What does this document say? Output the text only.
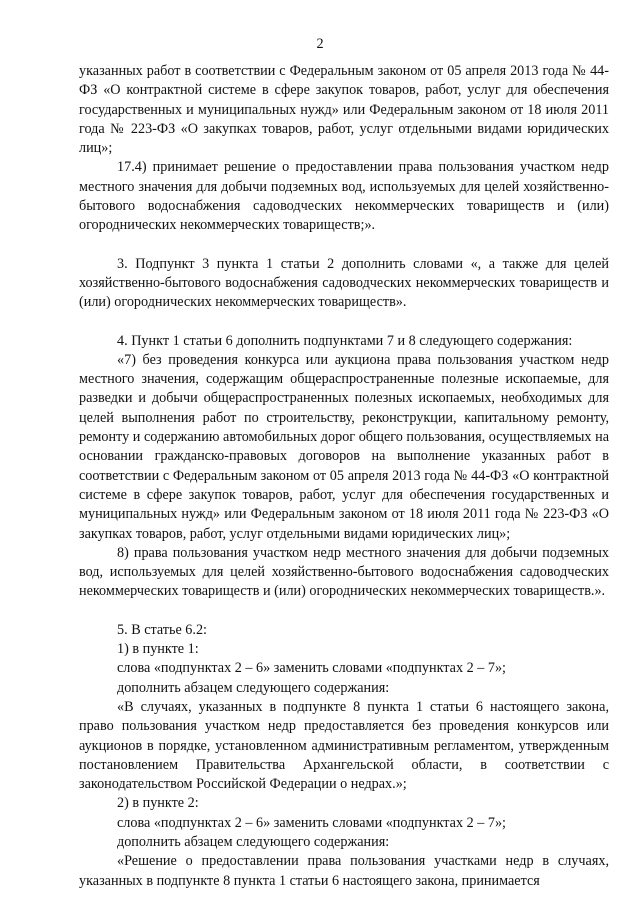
2

указанных работ в соответствии с Федеральным законом от 05 апреля 2013 года № 44-ФЗ «О контрактной системе в сфере закупок товаров, работ, услуг для обеспечения государственных и муниципальных нужд» или Федеральным законом от 18 июля 2011 года № 223-ФЗ «О закупках товаров, работ, услуг отдельными видами юридических лиц»;

17.4) принимает решение о предоставлении права пользования участком недр местного значения для добычи подземных вод, используемых для целей хозяйственно-бытового водоснабжения садоводческих некоммерческих товариществ и (или) огороднических некоммерческих товариществ;».

3. Подпункт 3 пункта 1 статьи 2 дополнить словами «, а также для целей хозяйственно-бытового водоснабжения садоводческих некоммерческих товариществ и (или) огороднических некоммерческих товариществ».

4. Пункт 1 статьи 6 дополнить подпунктами 7 и 8 следующего содержания:

«7) без проведения конкурса или аукциона права пользования участком недр местного значения, содержащим общераспространенные полезные ископаемые, для разведки и добычи общераспространенных полезных ископаемых, необходимых для целей выполнения работ по строительству, реконструкции, капитальному ремонту, ремонту и содержанию автомобильных дорог общего пользования, осуществляемых на основании гражданско-правовых договоров на выполнение указанных работ в соответствии с Федеральным законом от 05 апреля 2013 года № 44-ФЗ «О контрактной системе в сфере закупок товаров, работ, услуг для обеспечения государственных и муниципальных нужд» или Федеральным законом от 18 июля 2011 года № 223-ФЗ «О закупках товаров, работ, услуг отдельными видами юридических лиц»;

8) права пользования участком недр местного значения для добычи подземных вод, используемых для целей хозяйственно-бытового водоснабжения садоводческих некоммерческих товариществ и (или) огороднических некоммерческих товариществ.».

5. В статье 6.2:

1) в пункте 1:

слова «подпунктах 2 – 6» заменить словами «подпунктах 2 – 7»;

дополнить абзацем следующего содержания:

«В случаях, указанных в подпункте 8 пункта 1 статьи 6 настоящего закона, право пользования участком недр предоставляется без проведения конкурсов или аукционов в порядке, установленном административным регламентом, утвержденным постановлением Правительства Архангельской области, в соответствии с законодательством Российской Федерации о недрах.»;

2) в пункте 2:

слова «подпунктах 2 – 6» заменить словами «подпунктах 2 – 7»;

дополнить абзацем следующего содержания:

«Решение о предоставлении права пользования участками недр в случаях, указанных в подпункте 8 пункта 1 статьи 6 настоящего закона, принимается
